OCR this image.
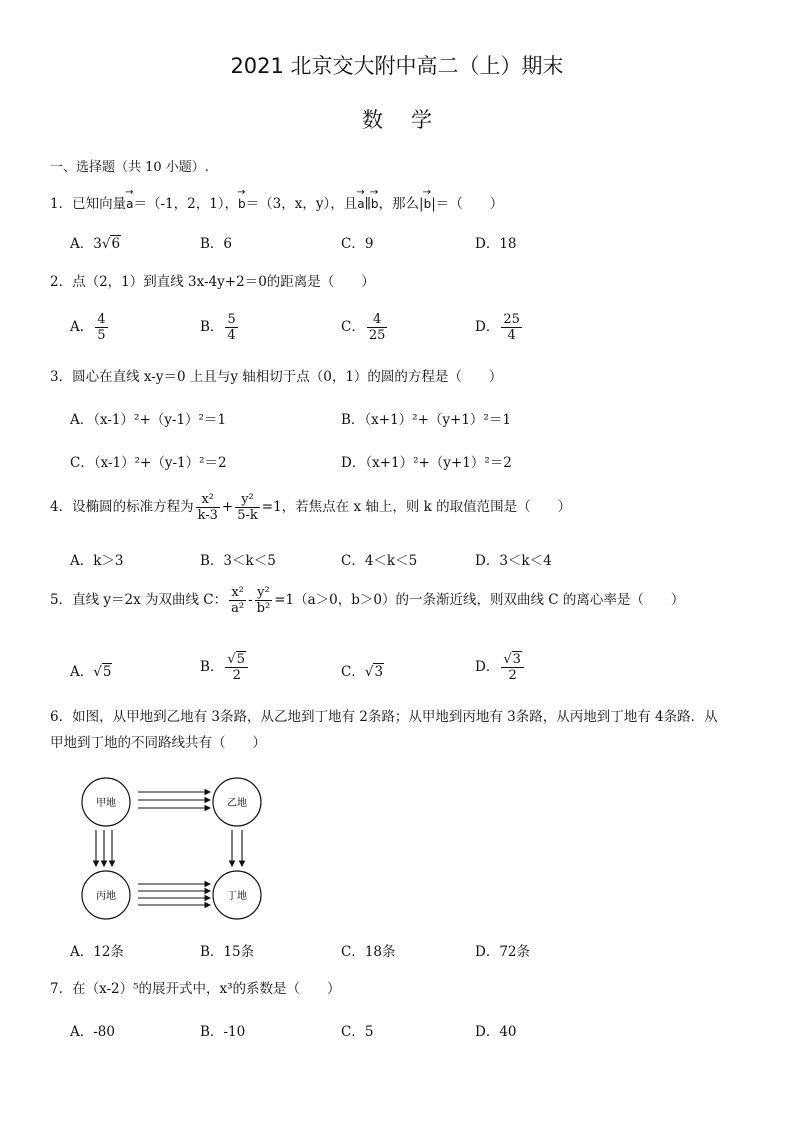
2021 北京交大附中高二（上）期末
数学
一、选择题（共 10 小题）.
1．已知向量→ a＝（-1，2，1），→ b＝（3，x，y），且→ a∥→ b，那么|→ b|＝（　　）
A．3√6	B．6	C．9	D．18
2．点（2，1）到直线 3x-4y+2＝0的距离是（　　）
A． $\frac{4}{5}$	B． $\frac{5}{4}$	C． $\frac{4}{25}$	D． $\frac{25}{4}$
3．圆心在直线 x-y＝0 上且与y 轴相切于点（0，1）的圆的方程是（　　）
A．（x-1）²+（y-1）²＝1	B．（x+1）²+（y+1）²＝1
C．（x-1）²+（y-1）²＝2	D．（x+1）²+（y+1）²＝2
4．设椭圆的标准方程为 $\frac{\text{x²}}{k-3} + \frac{\text{y²}}{5-k} =1$，若焦点在 x 轴上，则 k 的取值范围是（　　）
A．k＞3	B．3＜k＜5	C．4＜k＜5	D．3＜k＜4
5．直线 y＝2x 为双曲线 C： $\frac{\text{x²}}{\text{a²}} - \frac{\text{y²}}{\text{b²}} =1(a>0$，b＞0）的一条渐近线，则双曲线 C 的离心率是（　　）
A．√5	B． $\frac{√5}{2}$	C．√3	D． $\frac{√3}{2}$
6．如图，从甲地到乙地有 3条路，从乙地到丁地有 2条路；从甲地到丙地有 3条路，从丙地到丁地有 4条路．从
甲地到丁地的不同路线共有（　　）
甲地	乙地
丙地	丁地
A．12条	B．15条	C．18条	D．72条
7．在（x-2）⁵的展开式中，x³的系数是（　　）
A．-80	B．-10	C．5	D．40
